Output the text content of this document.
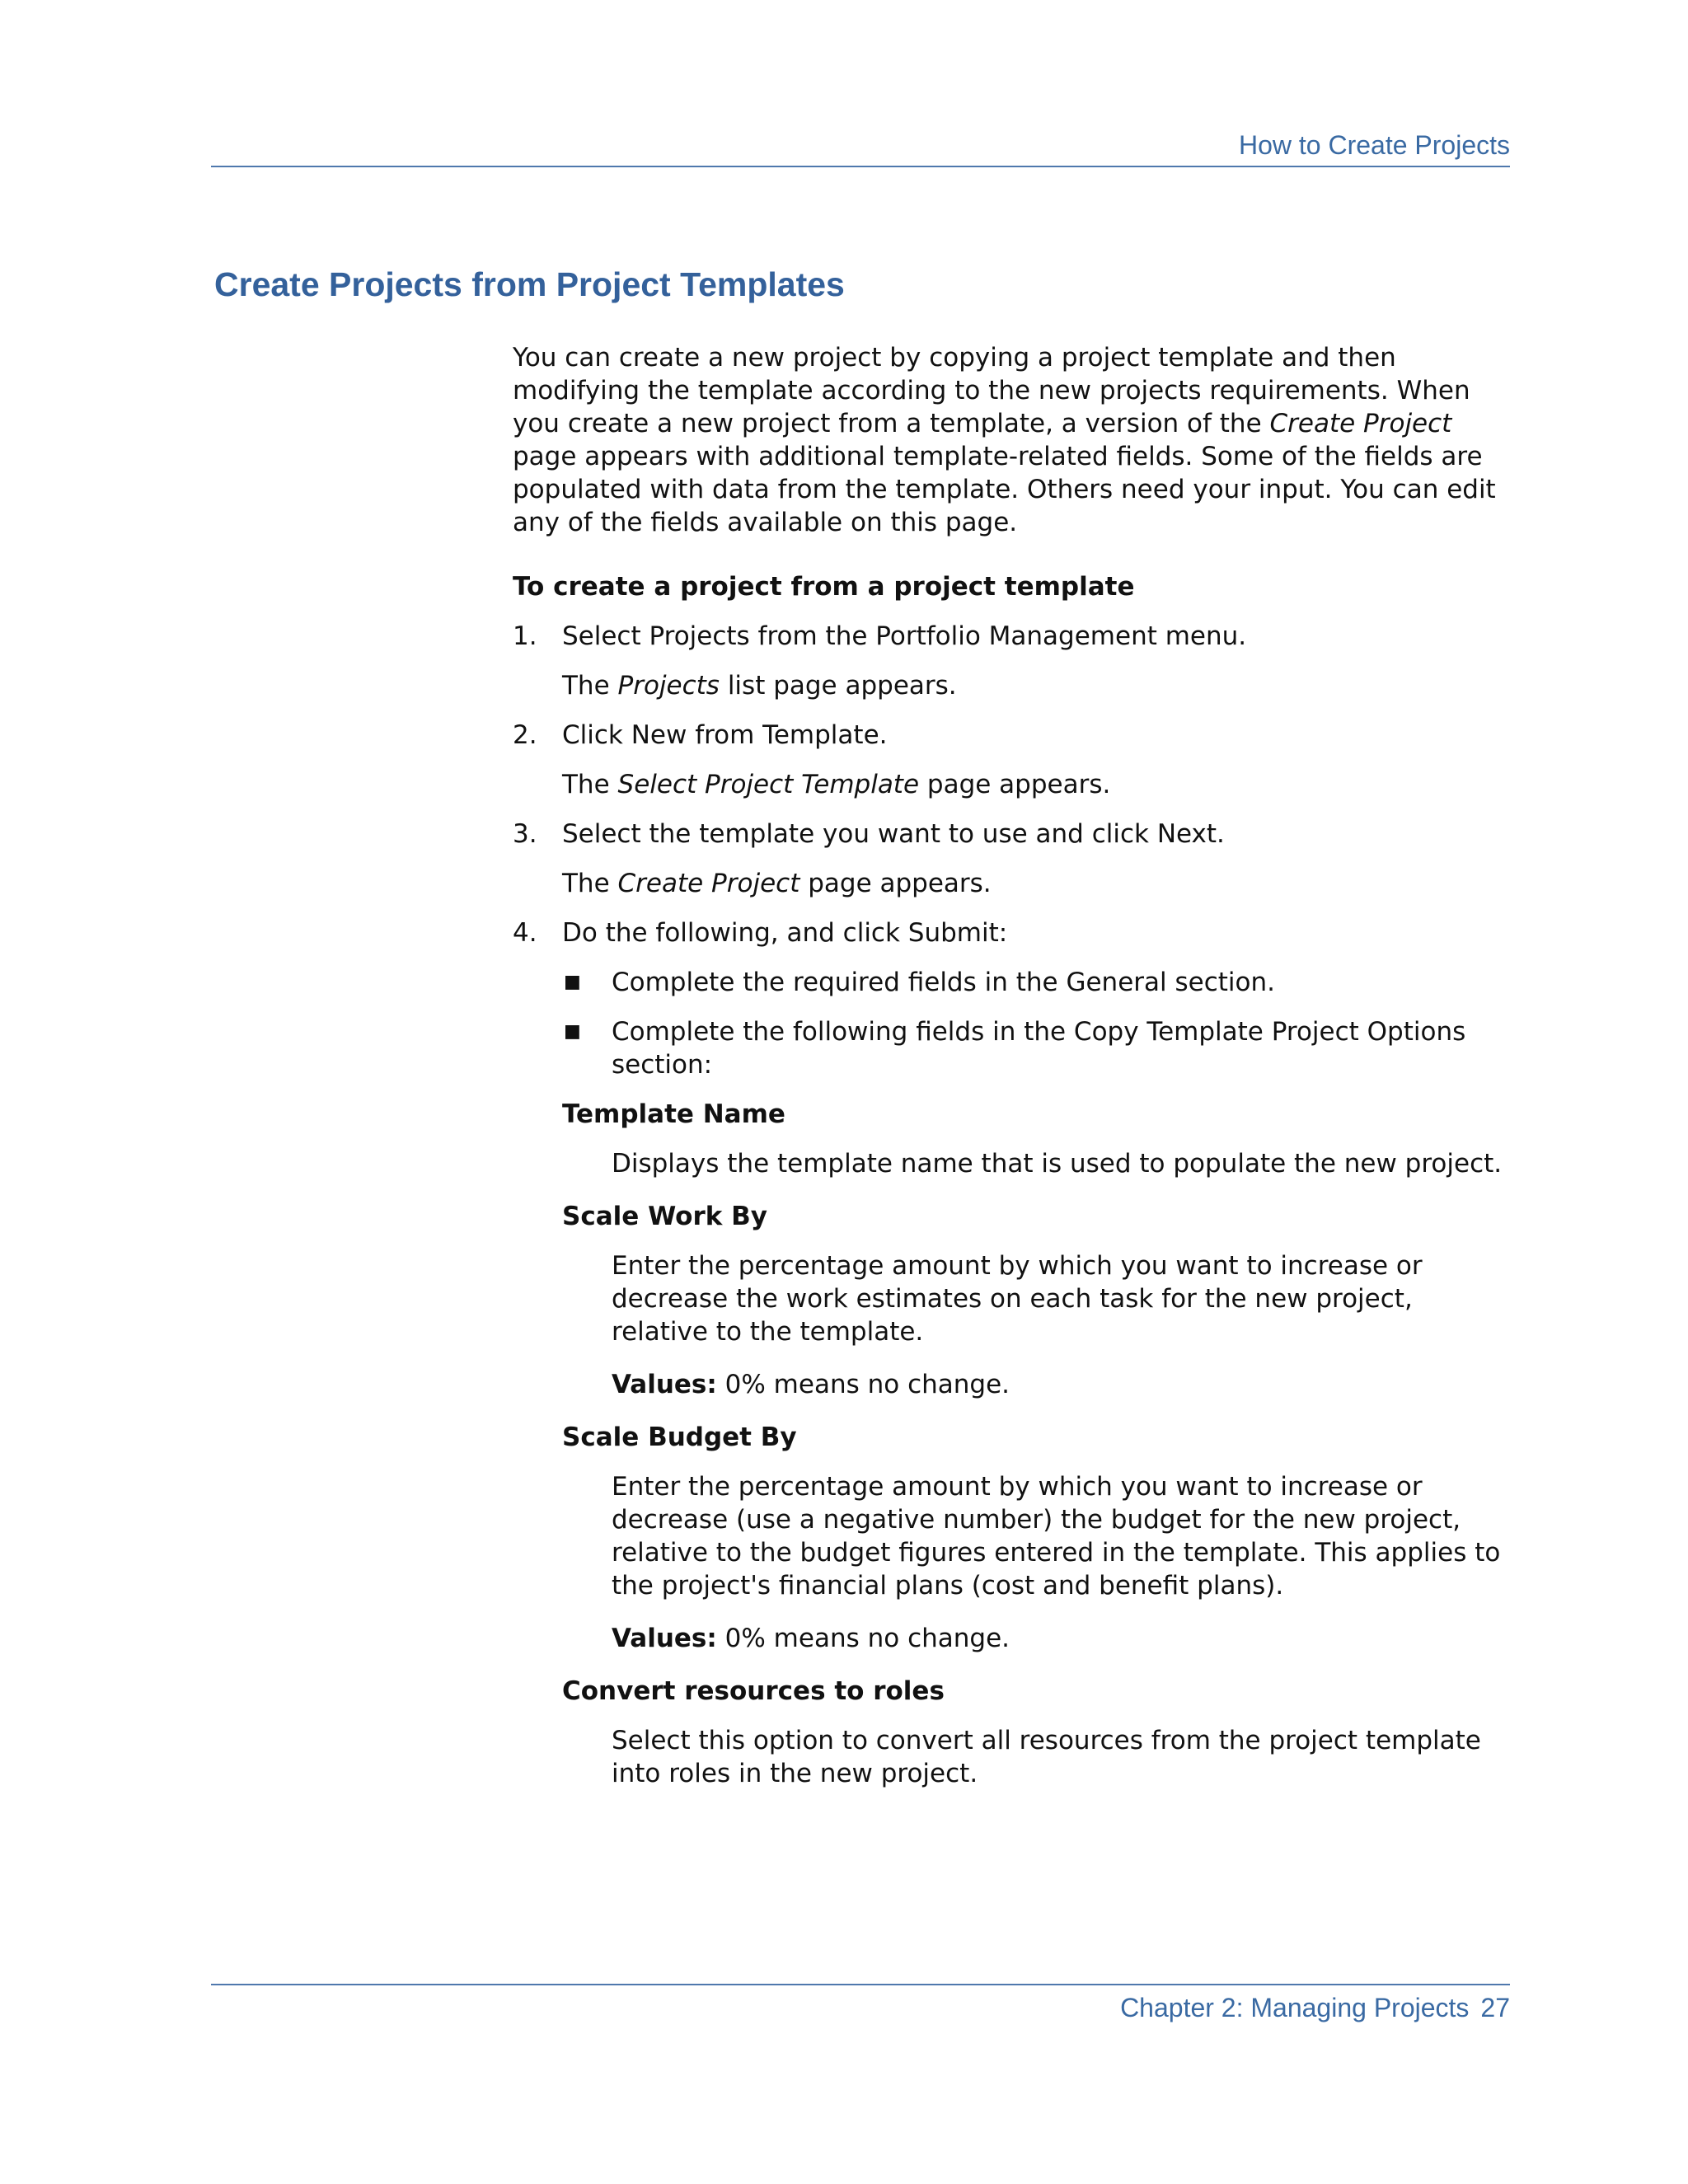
How to Create Projects
Create Projects from Project Templates

You can create a new project by copying a project template and then modifying the template according to the new projects requirements. When you create a new project from a template, a version of the Create Project page appears with additional template-related fields. Some of the fields are populated with data from the template. Others need your input. You can edit any of the fields available on this page.

To create a project from a project template

1. Select Projects from the Portfolio Management menu.

The Projects list page appears.

2. Click New from Template.

The Select Project Template page appears.

3. Select the template you want to use and click Next.

The Create Project page appears.

4. Do the following, and click Submit:

■ Complete the required fields in the General section.
■ Complete the following fields in the Copy Template Project Options section:

Template Name

Displays the template name that is used to populate the new project.

Scale Work By

Enter the percentage amount by which you want to increase or decrease the work estimates on each task for the new project, relative to the template.

Values: 0% means no change.

Scale Budget By

Enter the percentage amount by which you want to increase or decrease (use a negative number) the budget for the new project, relative to the budget figures entered in the template. This applies to the project's financial plans (cost and benefit plans).

Values: 0% means no change.

Convert resources to roles

Select this option to convert all resources from the project template into roles in the new project.

Chapter 2: Managing Projects 27
